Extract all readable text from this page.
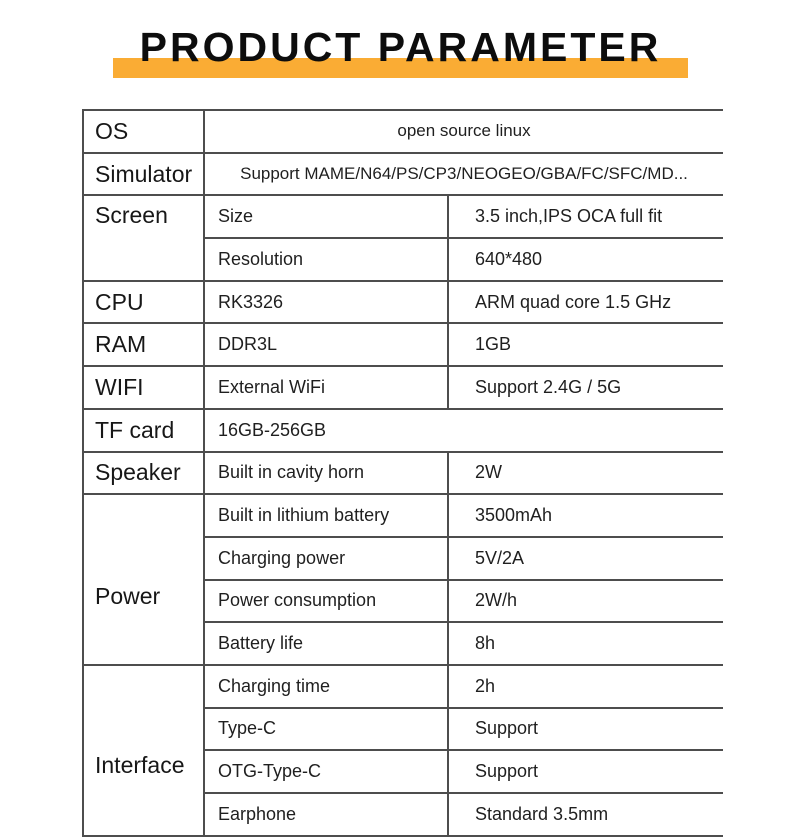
PRODUCT PARAMETER
OS	open source linux	
Simulator	Support MAME/N64/PS/CP3/NEOGEO/GBA/FC/SFC/MD...	
Screen	Size	3.5 inch,IPS OCA full fit
	Resolution	640*480
CPU	RK3326	ARM quad core 1.5 GHz
RAM	DDR3L	1GB
WIFI	External WiFi	Support 2.4G / 5G
TF card	16GB-256GB	
Speaker	Built in cavity horn	2W
Power	Built in lithium battery	3500mAh
	Charging power	5V/2A
	Power consumption	2W/h
	Battery life	8h
Interface	Charging time	2h
	Type-C	Support
	OTG-Type-C	Support
	Earphone	Standard 3.5mm
